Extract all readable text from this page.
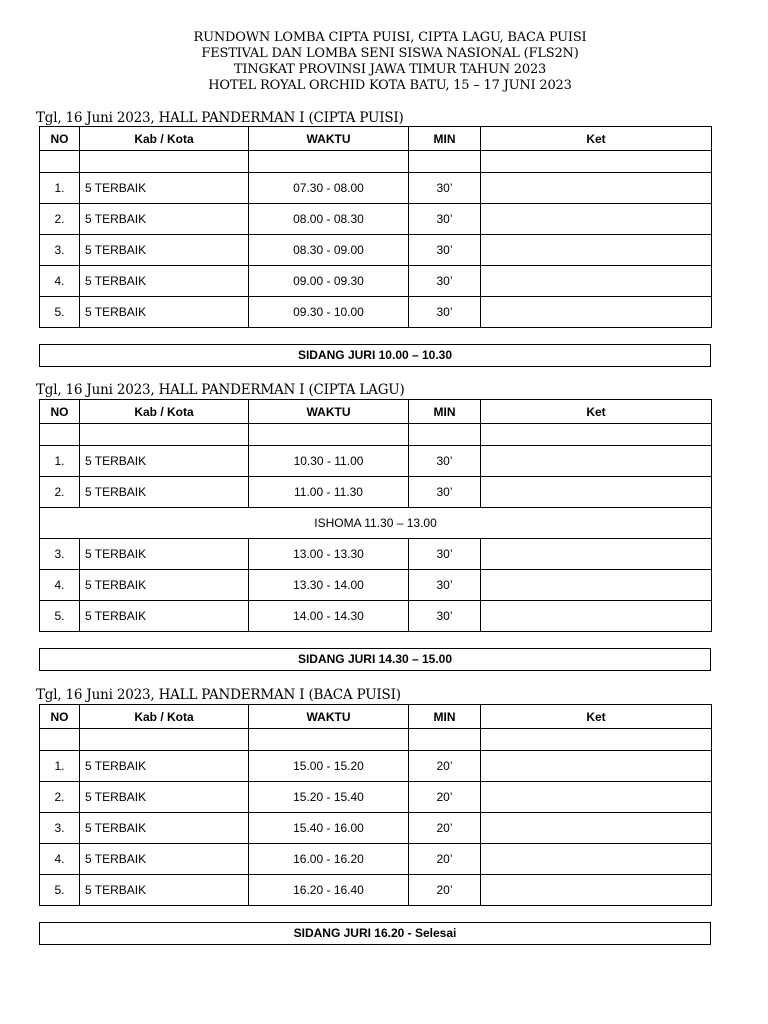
RUNDOWN LOMBA CIPTA PUISI, CIPTA LAGU, BACA PUISI
FESTIVAL DAN LOMBA SENI SISWA NASIONAL (FLS2N)
TINGKAT PROVINSI JAWA TIMUR TAHUN 2023
HOTEL ROYAL ORCHID KOTA BATU, 15 – 17 JUNI 2023
Tgl, 16 Juni 2023, HALL PANDERMAN I (CIPTA PUISI)
NO	Kab / Kota	WAKTU	MIN	Ket

1.	5 TERBAIK	07.30 - 08.00	30’	
2.	5 TERBAIK	08.00 - 08.30	30’	
3.	5 TERBAIK	08.30 - 09.00	30’	
4.	5 TERBAIK	09.00 - 09.30	30’	
5.	5 TERBAIK	09.30 - 10.00	30’	
SIDANG JURI 10.00 – 10.30
Tgl, 16 Juni 2023, HALL PANDERMAN I (CIPTA LAGU)
NO	Kab / Kota	WAKTU	MIN	Ket

1.	5 TERBAIK	10.30 - 11.00	30’	
2.	5 TERBAIK	11.00 - 11.30	30’	
ISHOMA 11.30 – 13.00				
3.	5 TERBAIK	13.00 - 13.30	30’	
4.	5 TERBAIK	13.30 - 14.00	30’	
5.	5 TERBAIK	14.00 - 14.30	30’	
SIDANG JURI 14.30 – 15.00
Tgl, 16 Juni 2023, HALL PANDERMAN I (BACA PUISI)
NO	Kab / Kota	WAKTU	MIN	Ket

1.	5 TERBAIK	15.00 - 15.20	20’	
2.	5 TERBAIK	15.20 - 15.40	20’	
3.	5 TERBAIK	15.40 - 16.00	20’	
4.	5 TERBAIK	16.00 - 16.20	20’	
5.	5 TERBAIK	16.20 - 16.40	20’	
SIDANG JURI 16.20 - Selesai
